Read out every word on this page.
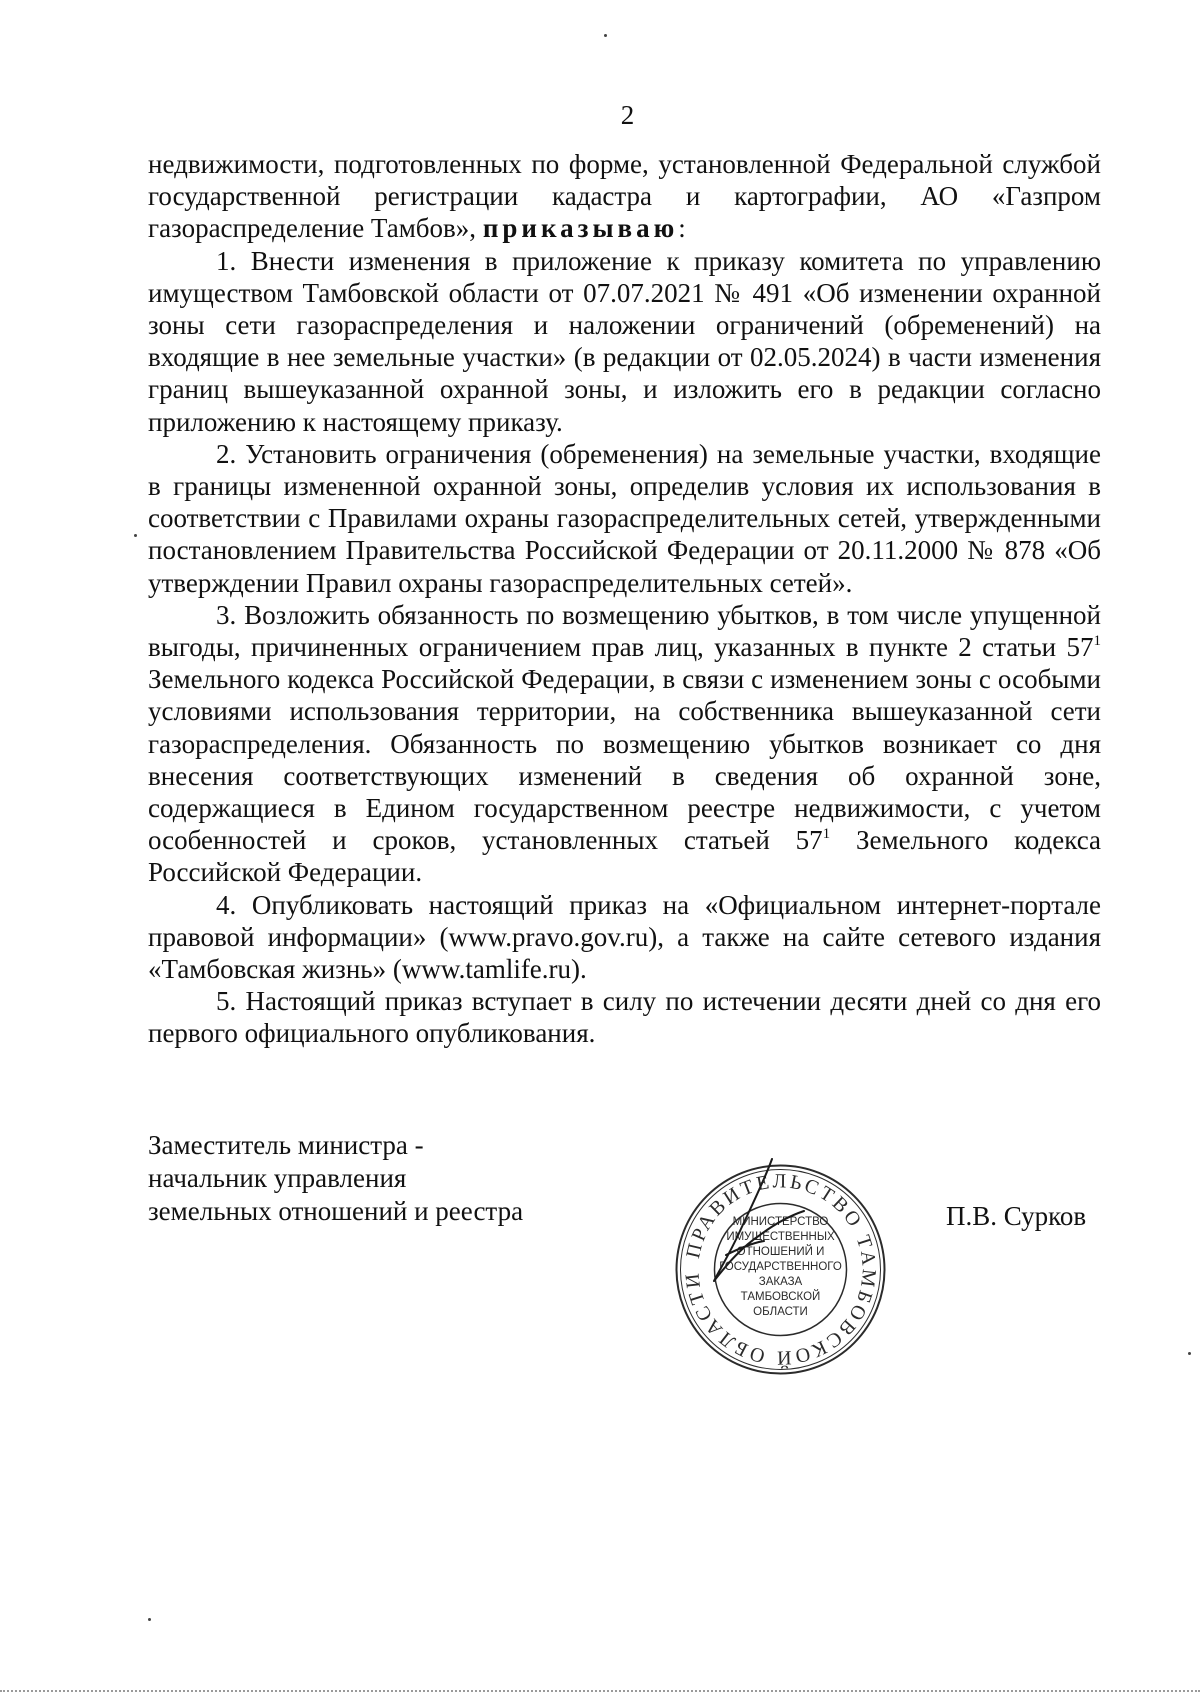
2

недвижимости, подготовленных по форме, установленной Федеральной службой государственной регистрации кадастра и картографии, АО «Газпром газораспределение Тамбов», приказываю:

1. Внести изменения в приложение к приказу комитета по управлению имуществом Тамбовской области от 07.07.2021 № 491 «Об изменении охранной зоны сети газораспределения и наложении ограничений (обременений) на входящие в нее земельные участки» (в редакции от 02.05.2024) в части изменения границ вышеуказанной охранной зоны, и изложить его в редакции согласно приложению к настоящему приказу.

2. Установить ограничения (обременения) на земельные участки, входящие в границы измененной охранной зоны, определив условия их использования в соответствии с Правилами охраны газораспределительных сетей, утвержденными постановлением Правительства Российской Федерации от 20.11.2000 № 878 «Об утверждении Правил охраны газораспределительных сетей».

3. Возложить обязанность по возмещению убытков, в том числе упущенной выгоды, причиненных ограничением прав лиц, указанных в пункте 2 статьи $57^1$ Земельного кодекса Российской Федерации, в связи с изменением зоны с особыми условиями использования территории, на собственника вышеуказанной сети газораспределения. Обязанность по возмещению убытков возникает со дня внесения соответствующих изменений в сведения об охранной зоне, содержащиеся в Едином государственном реестре недвижимости, с учетом особенностей и сроков, установленных статьей $57^1$ Земельного кодекса Российской Федерации.

4. Опубликовать настоящий приказ на «Официальном интернет-портале правовой информации» (www.pravo.gov.ru), а также на сайте сетевого издания «Тамбовская жизнь» (www.tamlife.ru).

5. Настоящий приказ вступает в силу по истечении десяти дней со дня его первого официального опубликования.

Заместитель министра -
начальник управления
земельных отношений и реестра	П.В. Сурков
ПРАВИТЕЛЬСТВО ТАМБОВСКОЙ ОБЛАСТИ
МИНИСТЕРСТВО
ИМУЩЕСТВЕННЫХ
ОТНОШЕНИЙ И
ГОСУДАРСТВЕННОГО
ЗАКАЗА
ТАМБОВСКОЙ
ОБЛАСТИ
